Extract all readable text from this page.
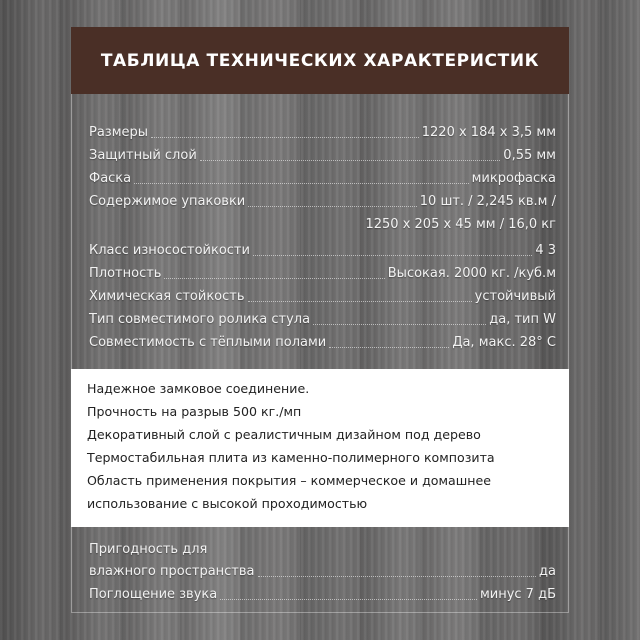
ТАБЛИЦА ТЕХНИЧЕСКИХ ХАРАКТЕРИСТИК
Размеры	1220 x 184 x 3,5 мм
Защитный слой	0,55 мм
Фаска	микрофаска
Содержимое упаковки	10 шт. / 2,245 кв.м /
1250 x 205 x 45 мм / 16,0 кг
Класс износостойкости	4 3
Плотность	Высокая. 2000 кг. /куб.м
Химическая стойкость	устойчивый
Тип совместимого ролика стула	да, тип W
Совместимость с тёплыми полами	Да, макс. 28° С

Надежное замковое соединение.

Прочность на разрыв 500 кг./мп

Декоративный слой с реалистичным дизайном под дерево

Термостабильная плита из каменно-полимерного композита

Область применения покрытия – коммерческое и домашнее

использование с высокой проходимостью

Пригодность для
влажного пространства	да
Поглощение звука	минус 7 дБ
